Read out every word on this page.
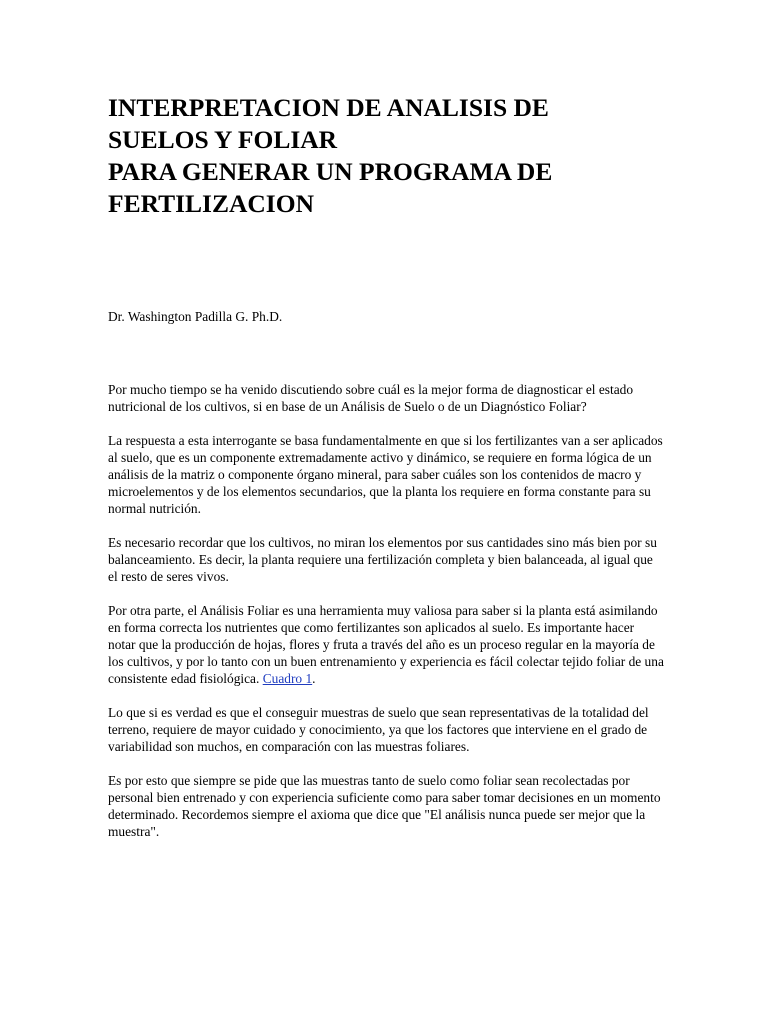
INTERPRETACION DE ANALISIS DE
SUELOS Y FOLIAR
PARA GENERAR UN PROGRAMA DE
FERTILIZACION

Dr. Washington Padilla G. Ph.D.

Por mucho tiempo se ha venido discutiendo sobre cuál es la mejor forma de diagnosticar el estado nutricional de los cultivos, si en base de un Análisis de Suelo o de un Diagnóstico Foliar?

La respuesta a esta interrogante se basa fundamentalmente en que si los fertilizantes van a ser aplicados al suelo, que es un componente extremadamente activo y dinámico, se requiere en forma lógica de un análisis de la matriz o componente órgano mineral, para saber cuáles son los contenidos de macro y microelementos y de los elementos secundarios, que la planta los requiere en forma constante para su normal nutrición.

Es necesario recordar que los cultivos, no miran los elementos por sus cantidades sino más bien por su balanceamiento. Es decir, la planta requiere una fertilización completa y bien balanceada, al igual que el resto de seres vivos.

Por otra parte, el Análisis Foliar es una herramienta muy valiosa para saber si la planta está asimilando en forma correcta los nutrientes que como fertilizantes son aplicados al suelo. Es importante hacer notar que la producción de hojas, flores y fruta a través del año es un proceso regular en la mayoría de los cultivos, y por lo tanto con un buen entrenamiento y experiencia es fácil colectar tejido foliar de una consistente edad fisiológica. Cuadro 1.

Lo que si es verdad es que el conseguir muestras de suelo que sean representativas de la totalidad del terreno, requiere de mayor cuidado y conocimiento, ya que los factores que interviene en el grado de variabilidad son muchos, en comparación con las muestras foliares.

Es por esto que siempre se pide que las muestras tanto de suelo como foliar sean recolectadas por personal bien entrenado y con experiencia suficiente como para saber tomar decisiones en un momento determinado. Recordemos siempre el axioma que dice que "El análisis nunca puede ser mejor que la muestra".
